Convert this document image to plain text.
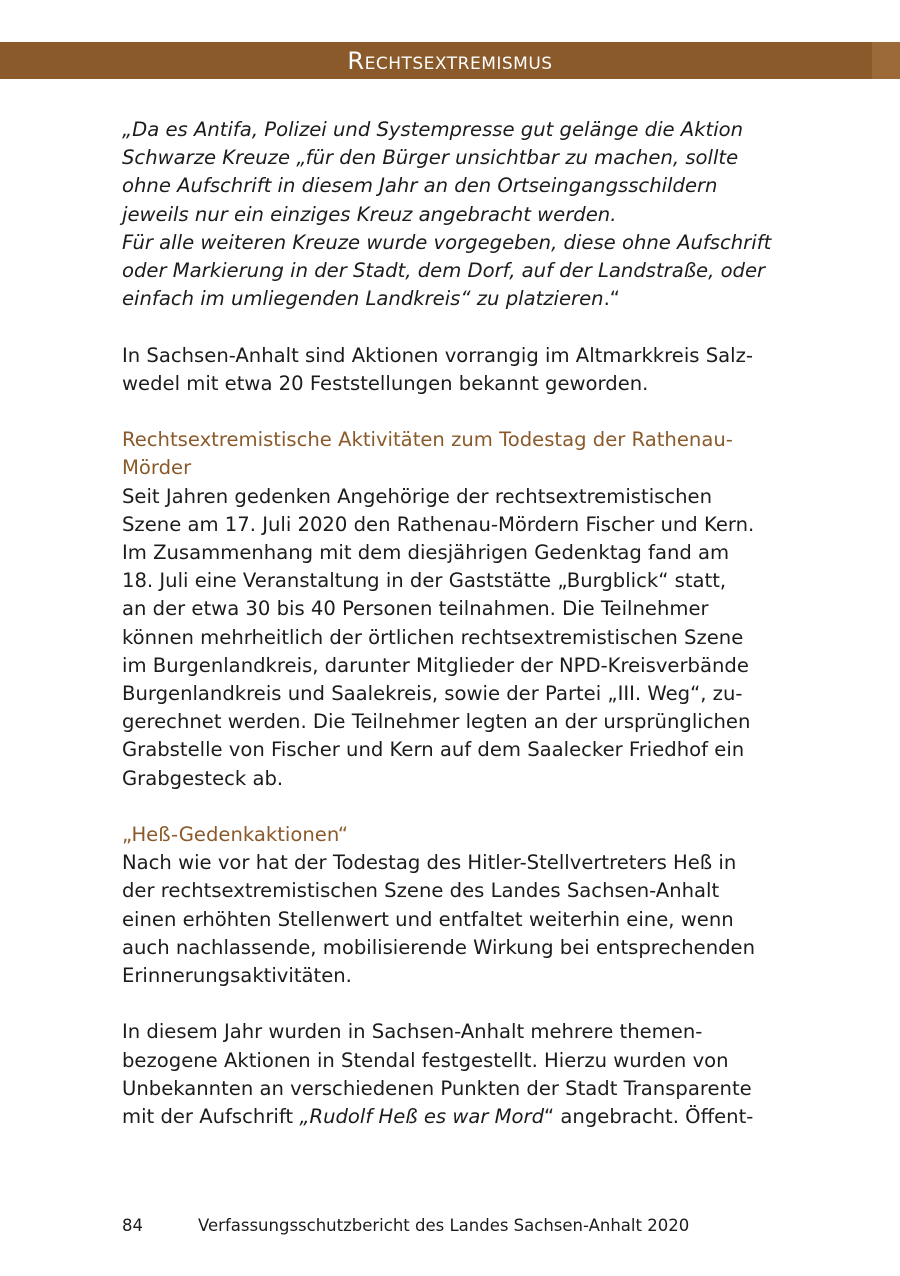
Rechtsextremismus

„Da es Antifa, Polizei und Systempresse gut gelänge die Aktion

Schwarze Kreuze „für den Bürger unsichtbar zu machen, sollte

ohne Aufschrift in diesem Jahr an den Ortseingangsschildern

jeweils nur ein einziges Kreuz angebracht werden.

Für alle weiteren Kreuze wurde vorgegeben, diese ohne Aufschrift

oder Markierung in der Stadt, dem Dorf, auf der Landstraße, oder

einfach im umliegenden Landkreis“ zu platzieren.“

In Sachsen-Anhalt sind Aktionen vorrangig im Altmarkkreis Salz-

wedel mit etwa 20 Feststellungen bekannt geworden.

Rechtsextremistische Aktivitäten zum Todestag der Rathenau-

Mörder

Seit Jahren gedenken Angehörige der rechtsextremistischen

Szene am 17. Juli 2020 den Rathenau-Mördern Fischer und Kern.

Im Zusammenhang mit dem diesjährigen Gedenktag fand am

18. Juli eine Veranstaltung in der Gaststätte „Burgblick“ statt,

an der etwa 30 bis 40 Personen teilnahmen. Die Teilnehmer

können mehrheitlich der örtlichen rechtsextremistischen Szene

im Burgenlandkreis, darunter Mitglieder der NPD-Kreisverbände

Burgenlandkreis und Saalekreis, sowie der Partei „III. Weg“, zu-

gerechnet werden. Die Teilnehmer legten an der ursprünglichen

Grabstelle von Fischer und Kern auf dem Saalecker Friedhof ein

Grabgesteck ab.

„Heß-Gedenkaktionen“

Nach wie vor hat der Todestag des Hitler-Stellvertreters Heß in

der rechtsextremistischen Szene des Landes Sachsen-Anhalt

einen erhöhten Stellenwert und entfaltet weiterhin eine, wenn

auch nachlassende, mobilisierende Wirkung bei entsprechenden

Erinnerungsaktivitäten.

In diesem Jahr wurden in Sachsen-Anhalt mehrere themen-

bezogene Aktionen in Stendal festgestellt. Hierzu wurden von

Unbekannten an verschiedenen Punkten der Stadt Transparente

mit der Aufschrift „Rudolf Heß es war Mord“ angebracht. Öffent-

84	Verfassungsschutzbericht des Landes Sachsen-Anhalt 2020
